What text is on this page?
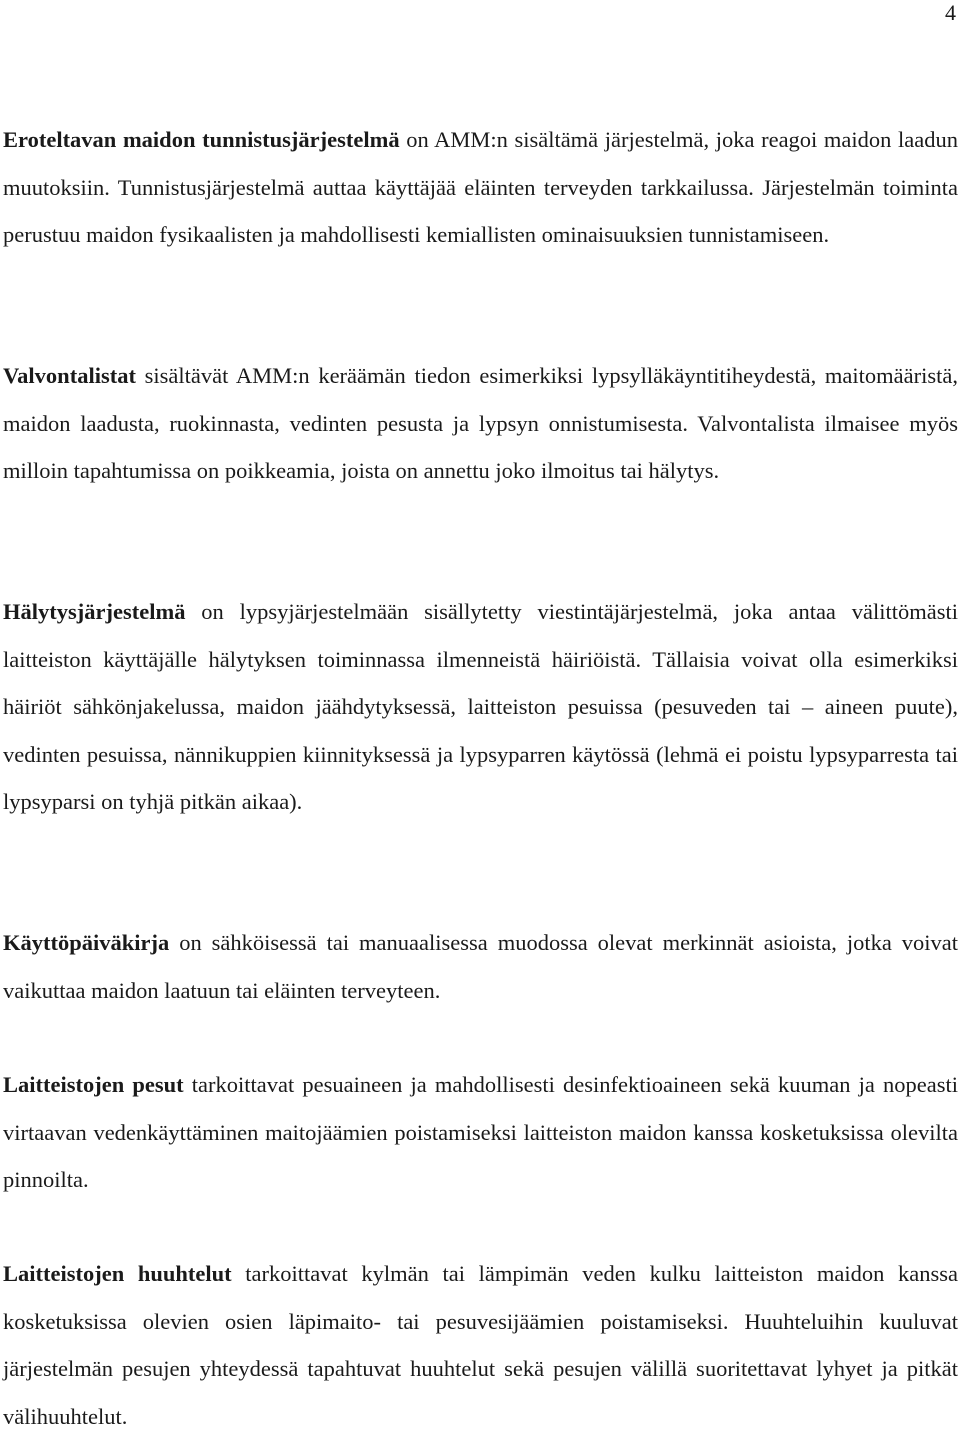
4

Eroteltavan maidon tunnistusjärjestelmä on AMM:n sisältämä järjestelmä, joka reagoi maidon laadun muutoksiin. Tunnistusjärjestelmä auttaa käyttäjää eläinten terveyden tarkkailussa. Järjestelmän toiminta perustuu maidon fysikaalisten ja mahdollisesti kemiallisten ominaisuuksien tunnistamiseen.

Valvontalistat sisältävät AMM:n keräämän tiedon esimerkiksi lypsylläkäyntitiheydestä, maitomääristä, maidon laadusta, ruokinnasta, vedinten pesusta ja lypsyn onnistumisesta. Valvontalista ilmaisee myös milloin tapahtumissa on poikkeamia, joista on annettu joko ilmoitus tai hälytys.

Hälytysjärjestelmä on lypsyjärjestelmään sisällytetty viestintäjärjestelmä, joka antaa välittömästi laitteiston käyttäjälle hälytyksen toiminnassa ilmenneistä häiriöistä. Tällaisia voivat olla esimerkiksi häiriöt sähkönjakelussa, maidon jäähdytyksessä, laitteiston pesuissa (pesuveden tai – aineen puute), vedinten pesuissa, nännikuppien kiinnityksessä ja lypsyparren käytössä (lehmä ei poistu lypsyparresta tai lypsyparsi on tyhjä pitkän aikaa).

Käyttöpäiväkirja on sähköisessä tai manuaalisessa muodossa olevat merkinnät asioista, jotka voivat vaikuttaa maidon laatuun tai eläinten terveyteen.

Laitteistojen pesut tarkoittavat pesuaineen ja mahdollisesti desinfektioaineen sekä kuuman ja nopeasti virtaavan vedenkäyttäminen maitojäämien poistamiseksi laitteiston maidon kanssa kosketuksissa olevilta pinnoilta.

Laitteistojen huuhtelut tarkoittavat kylmän tai lämpimän veden kulku laitteiston maidon kanssa kosketuksissa olevien osien läpimaito- tai pesuvesijäämien poistamiseksi. Huuhteluihin kuuluvat järjestelmän pesujen yhteydessä tapahtuvat huuhtelut sekä pesujen välillä suoritettavat lyhyet ja pitkät välihuuhtelut.
